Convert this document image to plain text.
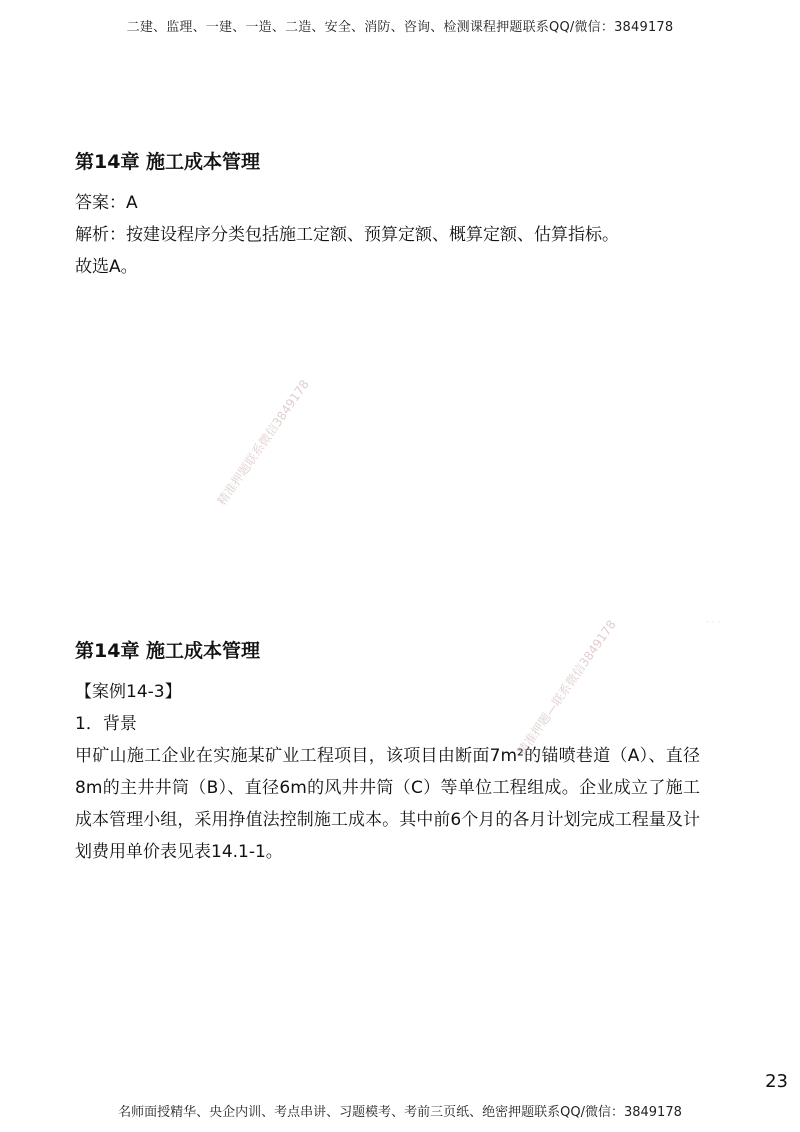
二建、监理、一建、一造、二造、安全、消防、咨询、检测课程押题联系QQ/微信：3849178
第14章 施工成本管理

答案：A

解析：按建设程序分类包括施工定额、预算定额、概算定额、估算指标。

故选A。

精准押题联系微信3849178
· · ·
第14章 施工成本管理

【案例14-3】

1．背景

甲矿山施工企业在实施某矿业工程项目，该项目由断面7m²的锚喷巷道（A）、直径8m的主井井筒（B）、直径6m的风井井筒（C）等单位工程组成。企业成立了施工成本管理小组，采用挣值法控制施工成本。其中前6个月的各月计划完成工程量及计划费用单价表见表14.1-1。

精准押题—联系微信3849178
23
名师面授精华、央企内训、考点串讲、习题模考、考前三页纸、绝密押题联系QQ/微信：3849178
